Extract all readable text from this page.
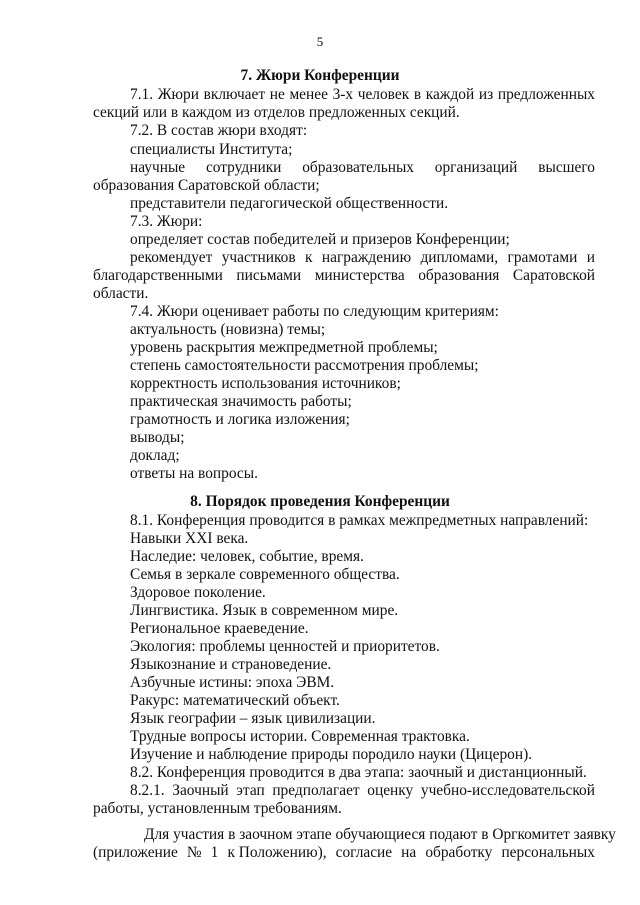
5
7. Жюри Конференции
7.1. Жюри включает не менее 3-х человек в каждой из предложенных
секций или в каждом из отделов предложенных секций.
7.2. В состав жюри входят:
специалисты Института;
научные сотрудники образовательных организаций высшего
образования Саратовской области;
представители педагогической общественности.
7.3. Жюри:
определяет состав победителей и призеров Конференции;
рекомендует участников к награждению дипломами, грамотами и
благодарственными письмами министерства образования Саратовской
области.
7.4. Жюри оценивает работы по следующим критериям:
актуальность (новизна) темы;
уровень раскрытия межпредметной проблемы;
степень самостоятельности рассмотрения проблемы;
корректность использования источников;
практическая значимость работы;
грамотность и логика изложения;
выводы;
доклад;
ответы на вопросы.
8. Порядок проведения Конференции
8.1. Конференция проводится в рамках межпредметных направлений:
Навыки XXI века.
Наследие: человек, событие, время.
Семья в зеркале современного общества.
Здоровое поколение.
Лингвистика. Язык в современном мире.
Региональное краеведение.
Экология: проблемы ценностей и приоритетов.
Языкознание и страноведение.
Азбучные истины: эпоха ЭВМ.
Ракурс: математический объект.
Язык географии – язык цивилизации.
Трудные вопросы истории. Современная трактовка.
Изучение и наблюдение природы породило науки (Цицерон).
8.2. Конференция проводится в два этапа: заочный и дистанционный.
8.2.1. Заочный этап предполагает оценку учебно-исследовательской
работы, установленным требованиям.
Для участия в заочном этапе обучающиеся подают в Оргкомитет заявку
(приложение № 1 к Положению), согласие на обработку персональных
